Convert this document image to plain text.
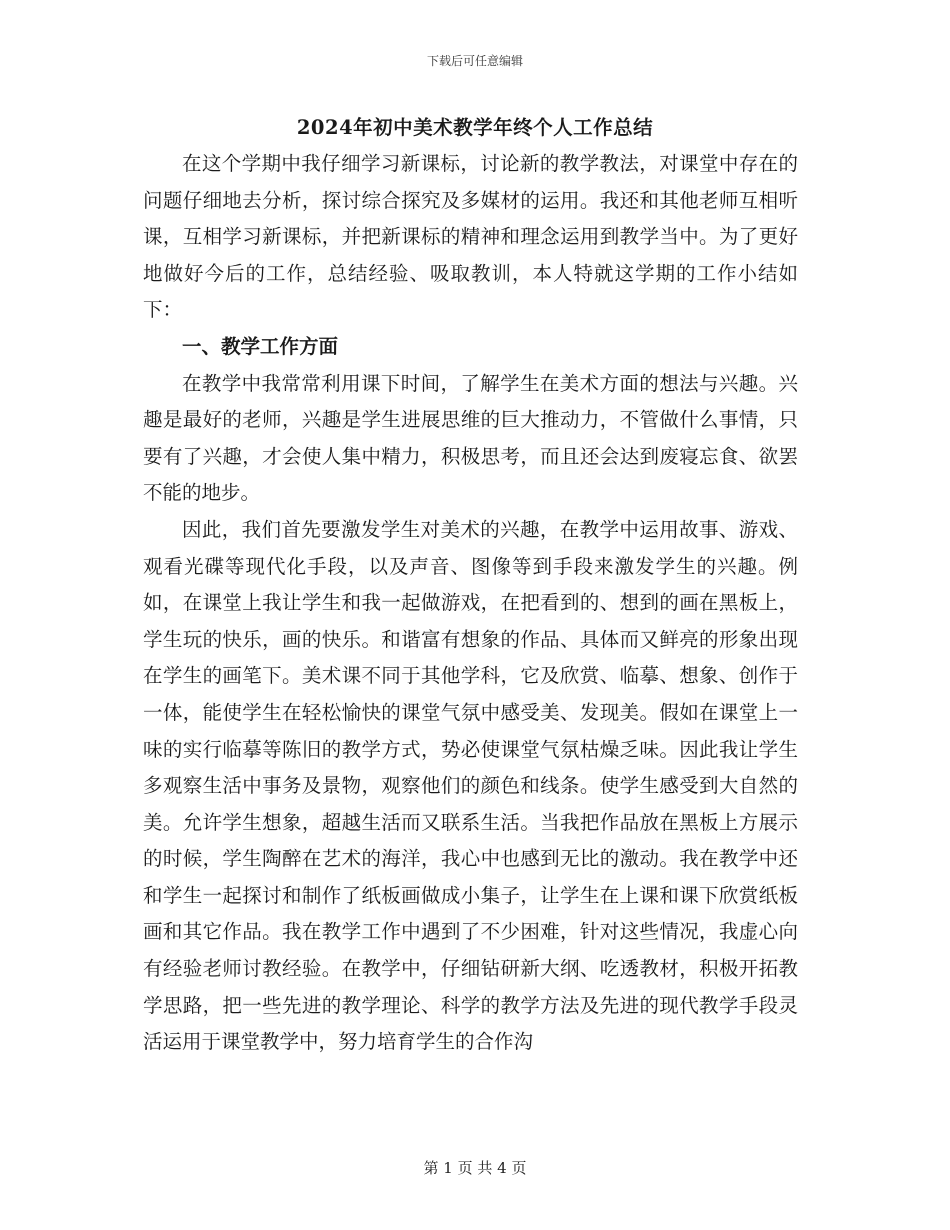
下载后可任意编辑
2024年初中美术教学年终个人工作总结

在这个学期中我仔细学习新课标，讨论新的教学教法，对课堂中存在的问题仔细地去分析，探讨综合探究及多媒材的运用。我还和其他老师互相听课，互相学习新课标，并把新课标的精神和理念运用到教学当中。为了更好地做好今后的工作，总结经验、吸取教训，本人特就这学期的工作小结如下：

一、教学工作方面

在教学中我常常利用课下时间，了解学生在美术方面的想法与兴趣。兴趣是最好的老师，兴趣是学生进展思维的巨大推动力，不管做什么事情，只要有了兴趣，才会使人集中精力，积极思考，而且还会达到废寝忘食、欲罢不能的地步。

因此，我们首先要激发学生对美术的兴趣，在教学中运用故事、游戏、观看光碟等现代化手段，以及声音、图像等到手段来激发学生的兴趣。例如，在课堂上我让学生和我一起做游戏，在把看到的、想到的画在黑板上，学生玩的快乐，画的快乐。和谐富有想象的作品、具体而又鲜亮的形象出现在学生的画笔下。美术课不同于其他学科，它及欣赏、临摹、想象、创作于一体，能使学生在轻松愉快的课堂气氛中感受美、发现美。假如在课堂上一味的实行临摹等陈旧的教学方式，势必使课堂气氛枯燥乏味。因此我让学生多观察生活中事务及景物，观察他们的颜色和线条。使学生感受到大自然的美。允许学生想象，超越生活而又联系生活。当我把作品放在黑板上方展示的时候，学生陶醉在艺术的海洋，我心中也感到无比的激动。我在教学中还和学生一起探讨和制作了纸板画做成小集子，让学生在上课和课下欣赏纸板画和其它作品。我在教学工作中遇到了不少困难，针对这些情况，我虚心向有经验老师讨教经验。在教学中，仔细钻研新大纲、吃透教材，积极开拓教学思路，把一些先进的教学理论、科学的教学方法及先进的现代教学手段灵活运用于课堂教学中，努力培育学生的合作沟

第 1 页 共 4 页
